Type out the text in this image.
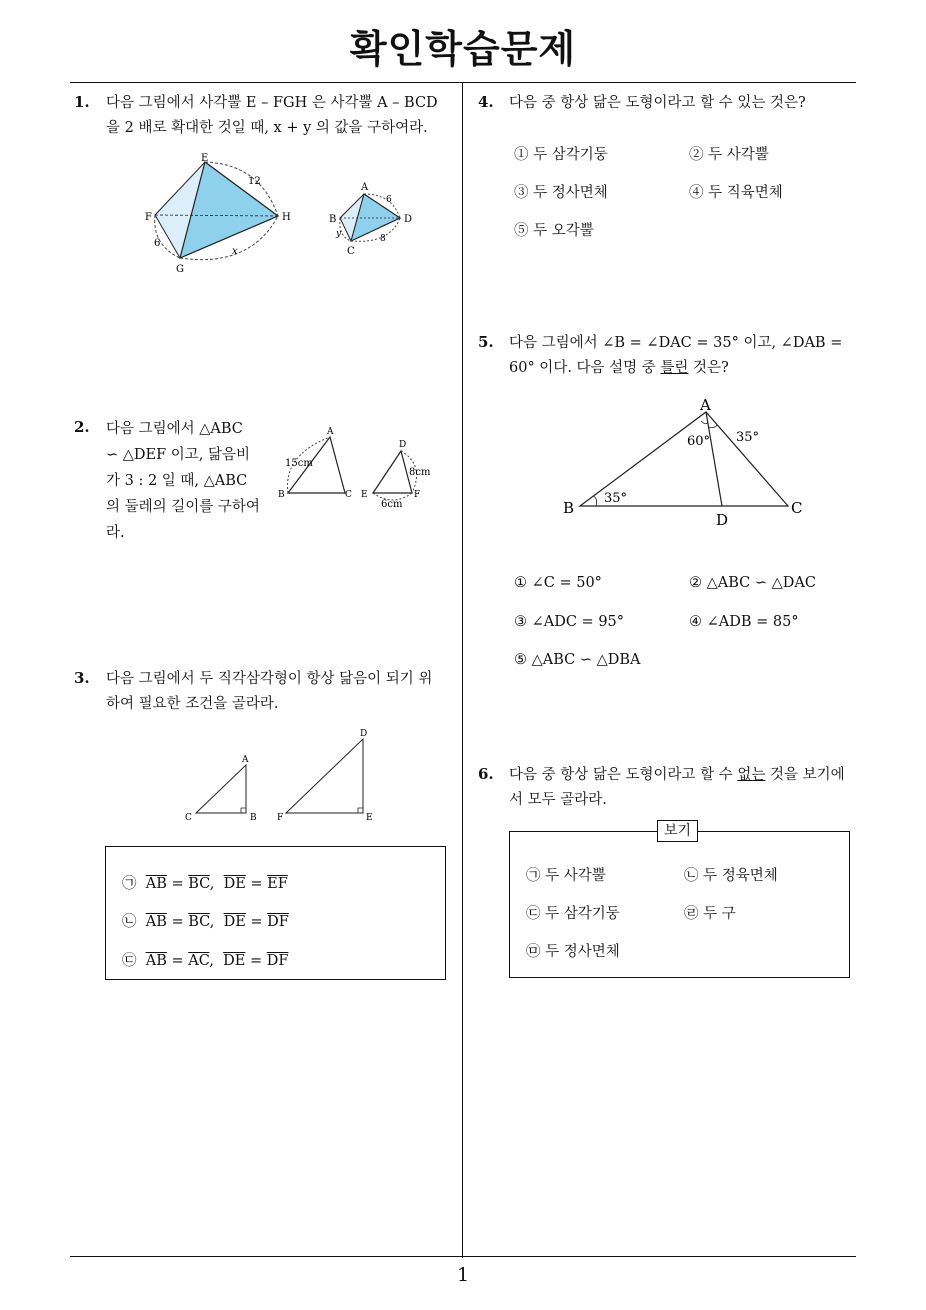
확인학습문제
1
1. 다음 그림에서 사각뿔 E – FGH 은 사각뿔 A – BCD
을 2 배로 확대한 것일 때, x + y 의 값을 구하여라.
E
F
G
H
12
6
x
A
B
C
D
6
8
y
2. 다음 그림에서 △ABC
∽ △DEF 이고, 닮음비
가 3 : 2 일 때, △ABC
의 둘레의 길이를 구하여
라.
A
B	C
15cm
D
E	F
8cm
6cm
3. 다음 그림에서 두 직각삼각형이 항상 닮음이 되기 위
하여 필요한 조건을 골라라.
A
B
C
D
E
F
㉠ $\overline{AB} = \overline{BC}$,  $\overline{DE} = \overline{EF}$
㉡ $\overline{AB} = \overline{BC}$,  $\overline{DE} = \overline{DF}$
㉢ $\overline{AB} = \overline{AC}$,  $\overline{DE} = \overline{DF}$
4. 다음 중 항상 닮은 도형이라고 할 수 있는 것은?
① 두 삼각기둥	② 두 사각뿔
③ 두 정사면체	④ 두 직육면체
⑤ 두 오각뿔
5. 다음 그림에서 ∠B = ∠DAC = 35° 이고, ∠DAB =
60° 이다. 다음 설명 중 틀린 것은?
A
B	C
D
60° 35°
35°
① ∠C = 50°	② △ABC ∽ △DAC
③ ∠ADC = 95°	④ ∠ADB = 85°
⑤ △ABC ∽ △DBA
6. 다음 중 항상 닮은 도형이라고 할 수 없는 것을 보기에
서 모두 골라라.
보기
㉠ 두 사각뿔	㉡ 두 정육면체
㉢ 두 삼각기둥	㉣ 두 구
㉤ 두 정사면체
